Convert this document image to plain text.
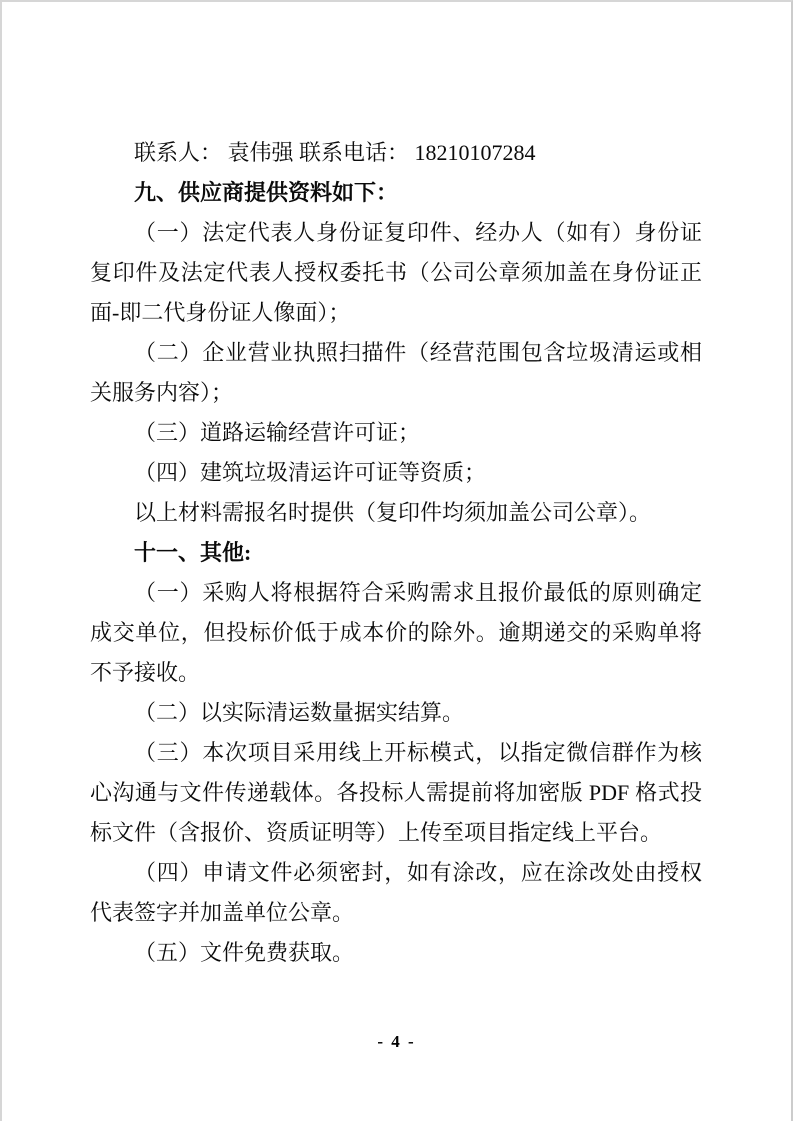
联系人： 袁伟强 联系电话： 18210107284

九、供应商提供资料如下：

（一）法定代表人身份证复印件、经办人（如有）身份证复印件及法定代表人授权委托书（公司公章须加盖在身份证正面-即二代身份证人像面）；

（二）企业营业执照扫描件（经营范围包含垃圾清运或相关服务内容）；

（三）道路运输经营许可证；

（四）建筑垃圾清运许可证等资质；

以上材料需报名时提供（复印件均须加盖公司公章）。

十一、其他:

（一）采购人将根据符合采购需求且报价最低的原则确定成交单位，但投标价低于成本价的除外。逾期递交的采购单将不予接收。

（二）以实际清运数量据实结算。

（三）本次项目采用线上开标模式，以指定微信群作为核心沟通与文件传递载体。各投标人需提前将加密版 PDF 格式投标文件（含报价、资质证明等）上传至项目指定线上平台。

（四）申请文件必须密封，如有涂改，应在涂改处由授权代表签字并加盖单位公章。

（五）文件免费获取。

- 4 -
